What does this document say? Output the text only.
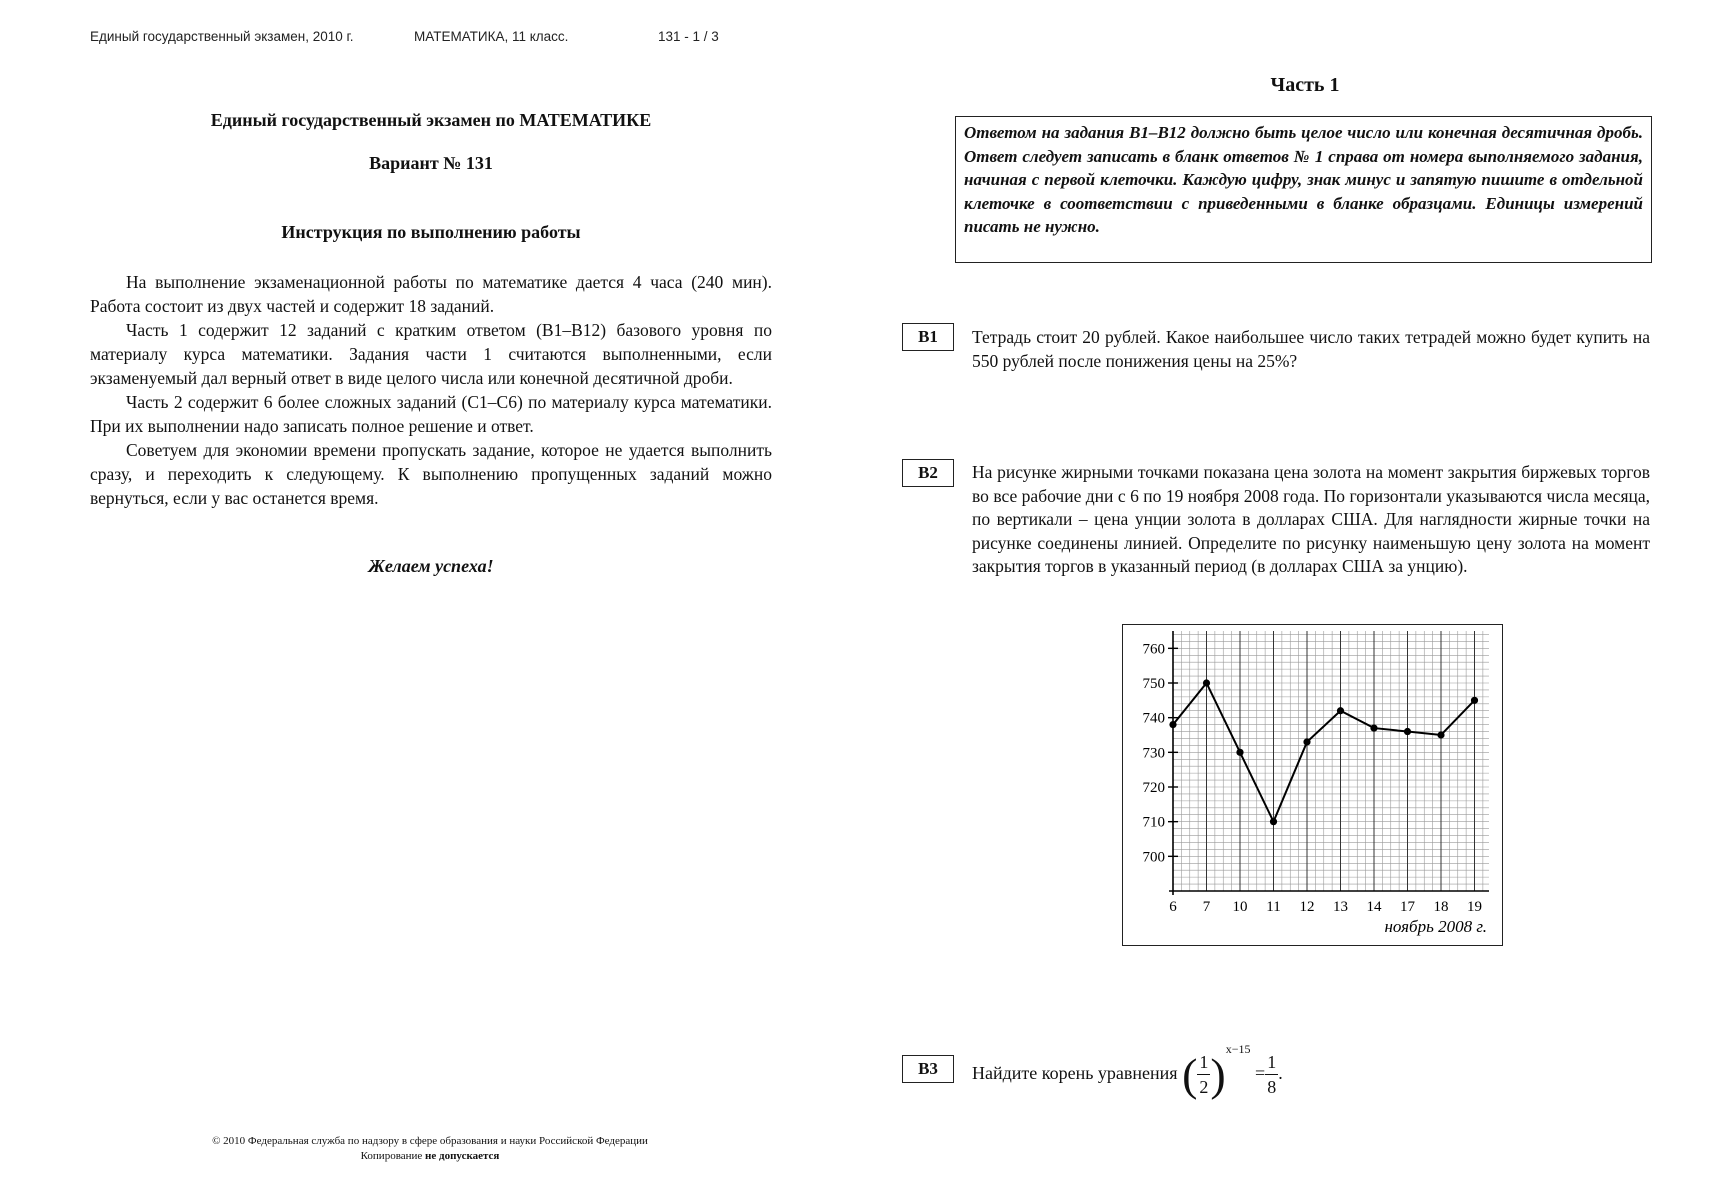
Единый государственный экзамен, 2010 г.	МАТЕМАТИКА, 11 класс.	131 - 1 / 3
Единый государственный экзамен по МАТЕМАТИКЕ
Вариант № 131
Инструкция по выполнению работы

На выполнение экзаменационной работы по математике дается 4 часа (240 мин). Работа состоит из двух частей и содержит 18 заданий.

Часть 1 содержит 12 заданий с кратким ответом (В1–В12) базового уровня по материалу курса математики. Задания части 1 считаются выполненными, если экзаменуемый дал верный ответ в виде целого числа или конечной десятичной дроби.

Часть 2 содержит 6 более сложных заданий (С1–С6) по материалу курса математики. При их выполнении надо записать полное решение и ответ.

Советуем для экономии времени пропускать задание, которое не удается выполнить сразу, и переходить к следующему. К выполнению пропущенных заданий можно вернуться, если у вас останется время.

Желаем успеха!
Часть 1
Ответом на задания В1–В12 должно быть целое число или конечная десятичная дробь. Ответ следует записать в бланк ответов № 1 справа от номера выполняемого задания, начиная с первой клеточки. Каждую цифру, знак минус и запятую пишите в отдельной клеточке в соответствии с приведенными в бланке образцами. Единицы измерений писать не нужно.
В1	Тетрадь стоит 20 рублей. Какое наибольшее число таких тетрадей можно будет купить на 550 рублей после понижения цены на 25%?
В2	На рисунке жирными точками показана цена золота на момент закрытия биржевых торгов во все рабочие дни с 6 по 19 ноября 2008 года. По горизонтали указываются числа месяца, по вертикали – цена унции золота в долларах США. Для наглядности жирные точки на рисунке соединены линией. Определите по рисунку наименьшую цену золота на момент закрытия торгов в указанный период (в долларах США за унцию).
700
710
720
730
740
750
760
6 7 10 11 12 13 14 17 18 19
ноябрь 2008 г.
В3	Найдите корень уравнения ( $\frac{1}{2} )^{x-15} = \frac{1}{8}$ .
© 2010 Федеральная служба по надзору в сфере образования и науки Российской Федерации
Копирование не допускается
